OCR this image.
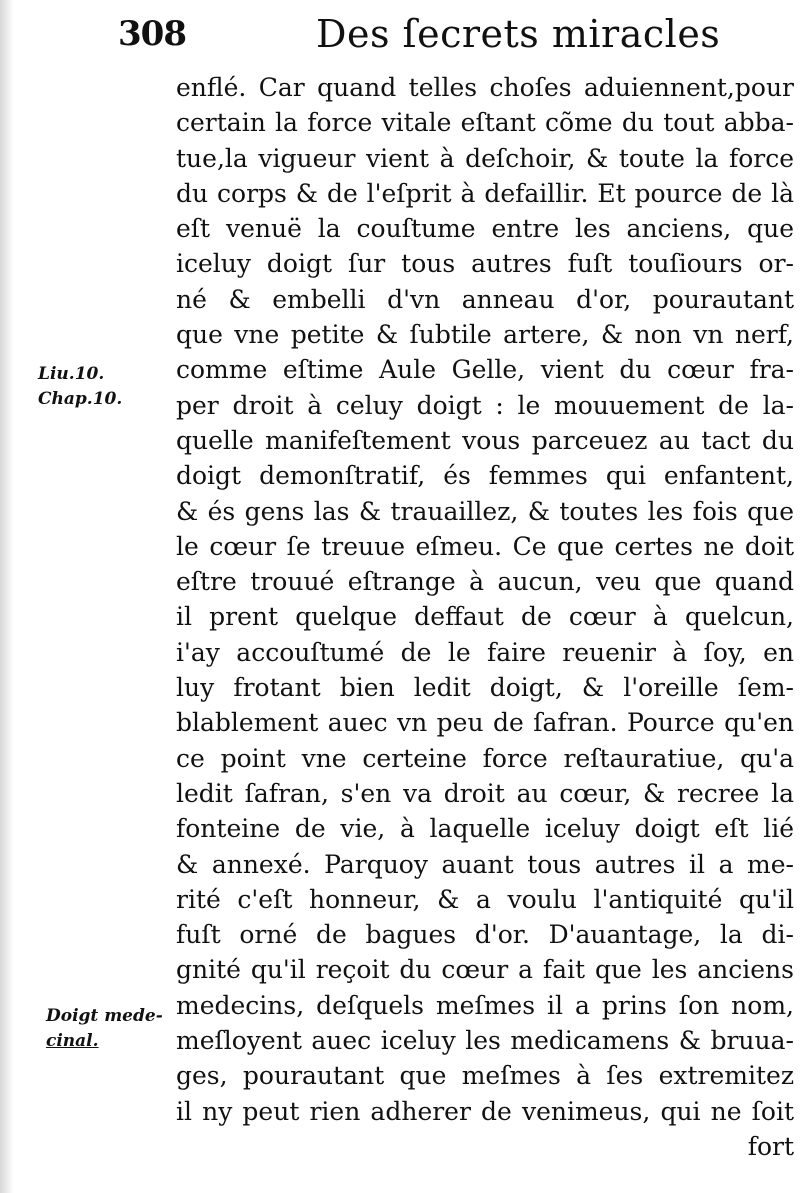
308	Des ſecrets miracles
Liu.10.
Chap.10.
Doigt mede-
cinal.
enflé. Car quand telles choſes aduiennent,pour
certain la force vitale eſtant cõme du tout abba-
tue,la vigueur vient à deſchoir, & toute la force
du corps & de l'eſprit à defaillir. Et pource de là
eſt venuë la couſtume entre les anciens, que
iceluy doigt ſur tous autres fuſt touſiours or-
né & embelli d'vn anneau d'or, pourautant
que vne petite & ſubtile artere, & non vn nerf,
comme eſtime Aule Gelle, vient du cœur fra-
per droit à celuy doigt : le mouuement de la-
quelle manifeſtement vous parceuez au tact du
doigt demonſtratif, és femmes qui enfantent,
& és gens las & trauaillez, & toutes les fois que
le cœur ſe treuue eſmeu. Ce que certes ne doit
eſtre trouué eſtrange à aucun, veu que quand
il prent quelque deffaut de cœur à quelcun,
i'ay accouſtumé de le faire reuenir à ſoy, en
luy frotant bien ledit doigt, & l'oreille ſem-
blablement auec vn peu de ſafran. Pource qu'en
ce point vne certeine force reſtauratiue, qu'a
ledit ſafran, s'en va droit au cœur, & recree la
fonteine de vie, à laquelle iceluy doigt eſt lié
& annexé. Parquoy auant tous autres il a me-
rité c'eſt honneur, & a voulu l'antiquité qu'il
fuſt orné de bagues d'or. D'auantage, la di-
gnité qu'il reçoit du cœur a fait que les anciens
medecins, deſquels meſmes il a prins ſon nom,
meſloyent auec iceluy les medicamens & bruua-
ges, pourautant que meſmes à ſes extremitez
il ny peut rien adherer de venimeus, qui ne ſoit
fort
